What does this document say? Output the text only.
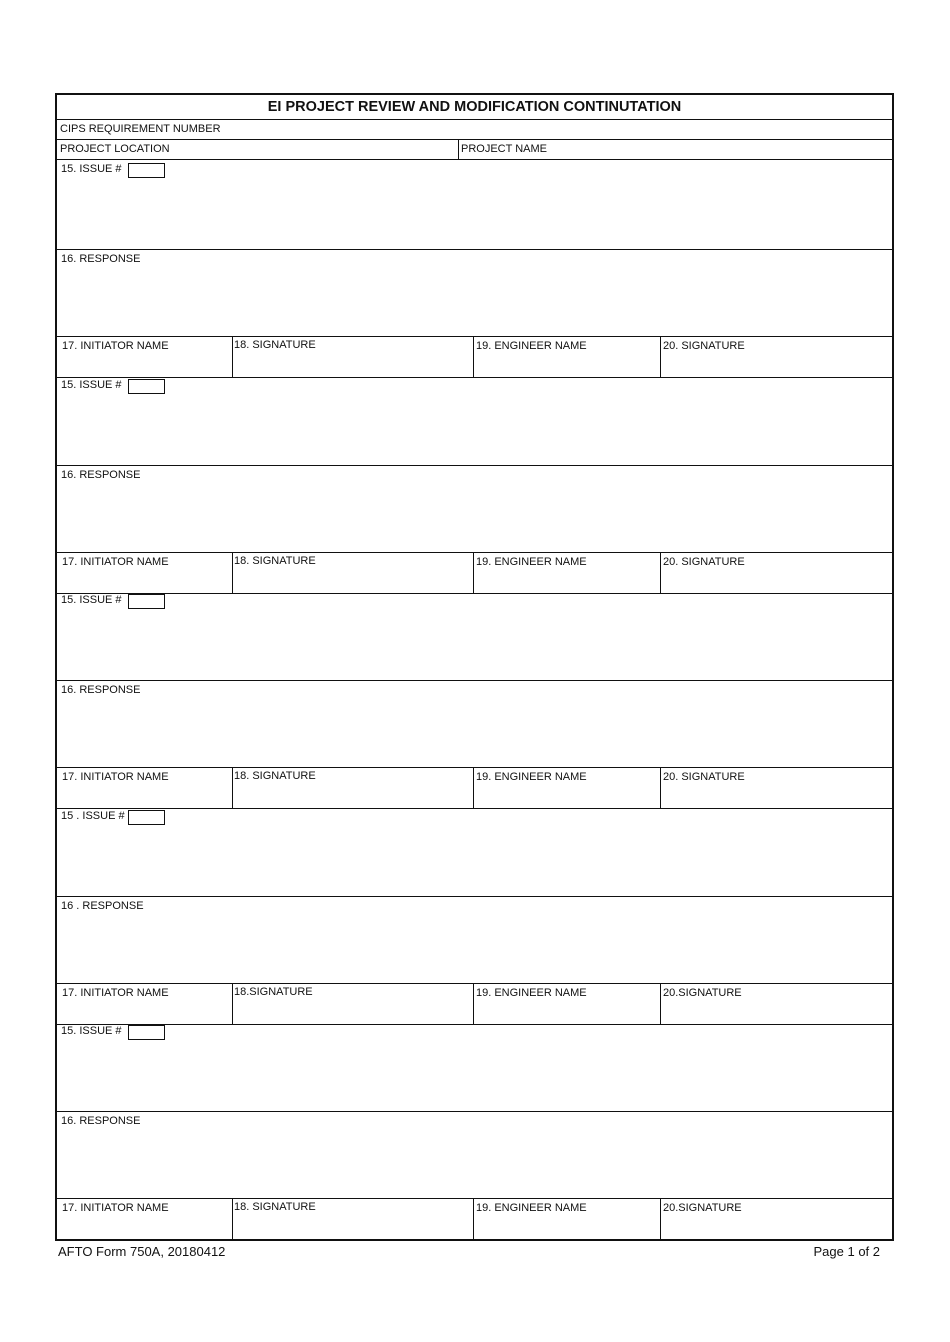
EI PROJECT REVIEW AND MODIFICATION CONTINUTATION
CIPS REQUIREMENT NUMBER
PROJECT LOCATION	PROJECT NAME
15. ISSUE #
16. RESPONSE
17. INITIATOR NAME	18. SIGNATURE	19. ENGINEER NAME	20. SIGNATURE
15. ISSUE #
16. RESPONSE
17. INITIATOR NAME	18. SIGNATURE	19. ENGINEER NAME	20. SIGNATURE
15. ISSUE #
16. RESPONSE
17. INITIATOR NAME	18. SIGNATURE	19. ENGINEER NAME	20. SIGNATURE
15 . ISSUE #
16 . RESPONSE
17. INITIATOR NAME	18.SIGNATURE	19. ENGINEER NAME	20.SIGNATURE
15. ISSUE #
16. RESPONSE
17. INITIATOR NAME	18. SIGNATURE	19. ENGINEER NAME	20.SIGNATURE
AFTO Form 750A, 20180412	Page 1 of 2
